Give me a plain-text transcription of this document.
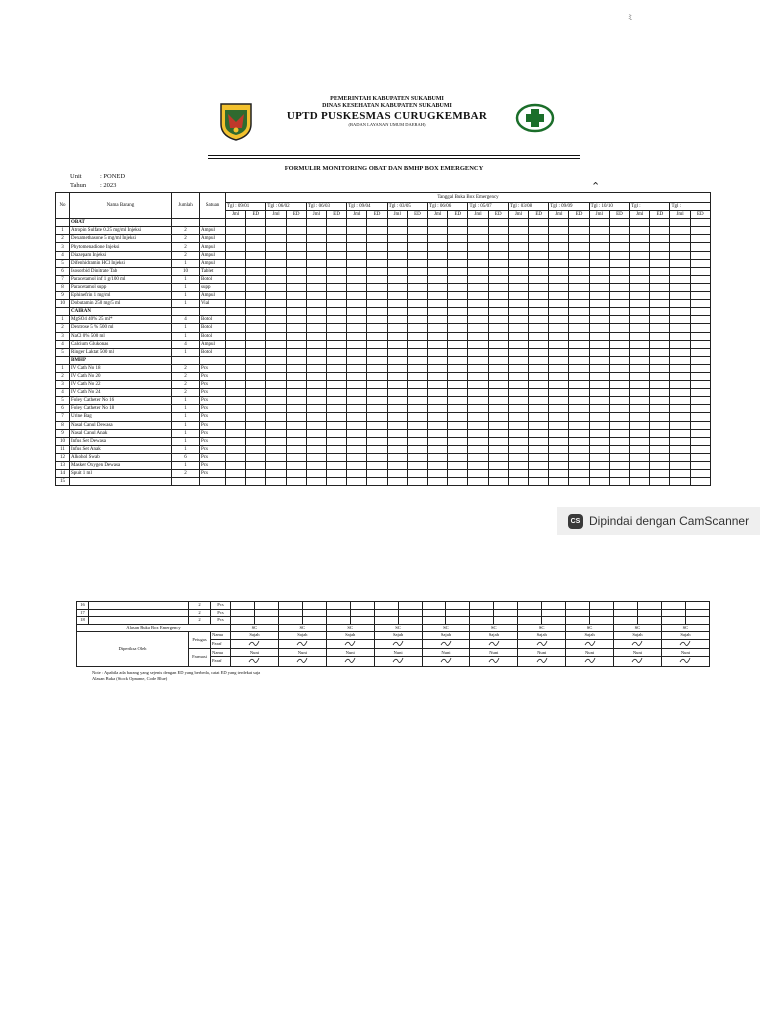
PEMERINTAH KABUPATEN SUKABUMI
DINAS KESEHATAN KABUPATEN SUKABUMI
UPTD PUSKESMAS CURUGKEMBAR
(BADAN LAYANAN UMUM DAERAH)
ﾐ
FORMULIR MONITORING OBAT DAN BMHP BOX EMERGENCY
Unit	: PONED
Tahun : 2023	⌃
No	Nama Barang	Jumlah	Satuan	Tanggal Buka Box Emergency																							
				Tgl : 09/01		Tgl : 06/02		Tgl : 06/03		Tgl : 09/04		Tgl : 03/05		Tgl : 06/06		Tgl : 05/07		Tgl : 03/08		Tgl : 09/09		Tgl : 10/10		Tgl :		Tgl :	
				Jml	ED	Jml	ED	Jml	ED	Jml	ED	Jml	ED	Jml	ED	Jml	ED	Jml	ED	Jml	ED	Jml	ED	Jml	ED	Jml	ED
	OBAT																										
1	Atropin Sulfate 0.25 mg/ml Injeksi	2	Ampul																								
2	Dexamethasone 5 mg/ml Injeksi	2	Ampul																								
3	Phytomenadione Injeksi	2	Ampul																								
4	Diazepam Injeksi	2	Ampul																								
5	Difenhidramin HCl Injeksi	1	Ampul																								
6	Isosorbid Dinitrate Tab	10	Tablet																								
7	Paracetamol inf 1 g/100 ml	1	Botol																								
8	Paracetamol supp	1	supp																								
9	Ephinefrin 1 mg/ml	1	Ampul																								
10	Dobutamin 250 mg/5 ml	1	Vial																								
	CAIRAN																										
1	MgSO4 40% 25 ml*	4	Botol																								
2	Dextrose 5 % 500 ml	1	Botol																								
3	NaCl 0% 500 ml	1	Botol																								
4	Calcium Glukonas	4	Ampul																								
5	Ringer Laktat 500 ml	1	Botol																								
	BMHP																										
1	IV Cath No 18	2	Pcs																								
2	IV Cath No 20	2	Pcs																								
3	IV Cath No 22	2	Pcs																								
4	IV Cath No 24	2	Pcs																								
5	Foley Catheter No 16	1	Pcs																								
6	Foley Catheter No 18	1	Pcs																								
7	Urine Bag	1	Pcs																								
8	Nasal Canul Dewasa	1	Pcs																								
9	Nasal Canul Anak	1	Pcs																								
10	Infus Set Dewasa	1	Pcs																								
11	Infus Set Anak	1	Pcs																								
12	Alkohol Swab	6	Pcs																								
13	Masker Oxygen Dewasa	1	Pcs																								
14	Spuit 1 ml	2	Pcs																								
15																											
CS Dipindai dengan CamScanner
16		2	Pcs																				
17		2	Pcs																				
18		2	Pcs																				
Alasan Buka Box Emergency				SC		SC		SC		SC		SC		SC		SC		SC		SC		SC	
Diperiksa Oleh		Petugas	Nama	Sajah		Sajah		Sajah		Sajah		Sajah		Sajah		Sajah		Sajah		Sajah		Sajah	
			Paraf										
		Farmasi	Nama	Nuni		Nuni		Nuni		Nuni		Nuni		Nuni		Nuni		Nuni		Nuni		Nuni	
			Paraf										
Note : Apabila ada barang yang sejenis dengan ED yang berbeda, catat ED yang terdekat saja
Alasan Buka (Stock Opname, Code Blue)
